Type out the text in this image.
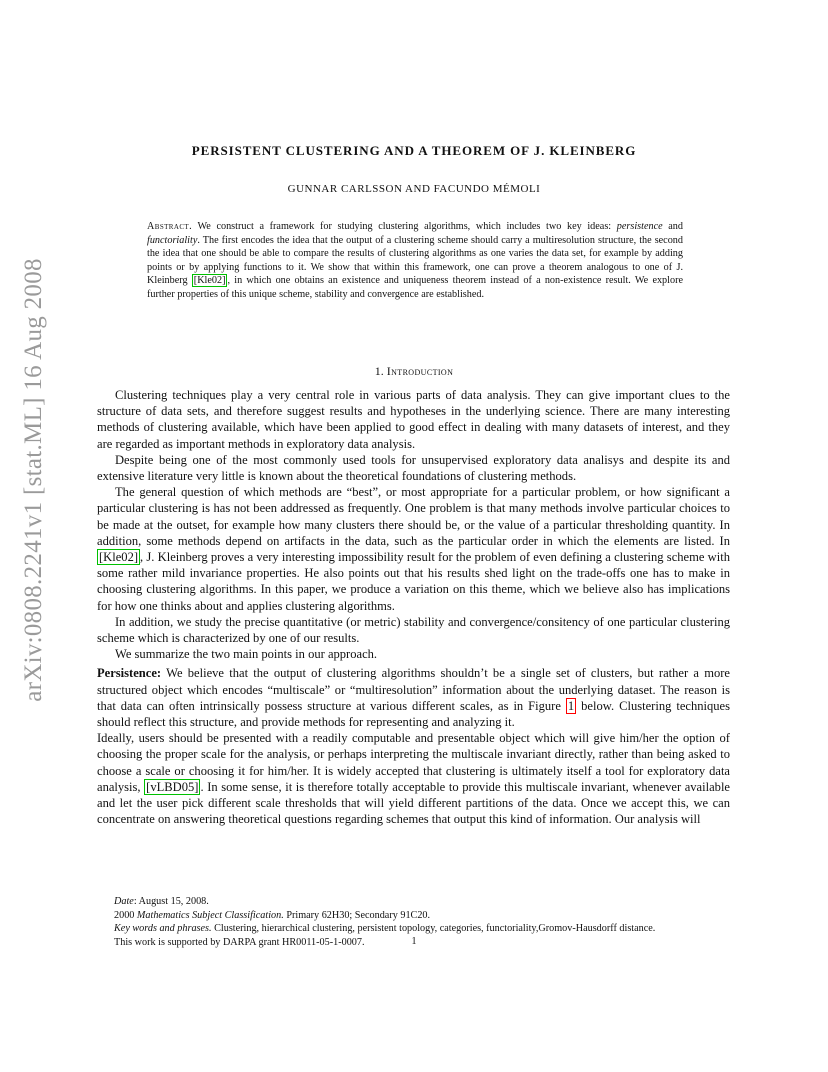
arXiv:0808.2241v1 [stat.ML] 16 Aug 2008
PERSISTENT CLUSTERING AND A THEOREM OF J. KLEINBERG
GUNNAR CARLSSON AND FACUNDO MÉMOLI
Abstract. We construct a framework for studying clustering algorithms, which includes two key ideas: persistence and functoriality. The first encodes the idea that the output of a clustering scheme should carry a multiresolution structure, the second the idea that one should be able to compare the results of clustering algorithms as one varies the data set, for example by adding points or by applying functions to it. We show that within this framework, one can prove a theorem analogous to one of J. Kleinberg [Kle02] , in which one obtains an existence and uniqueness theorem instead of a non-existence result. We explore further properties of this unique scheme, stability and convergence are established.
1. Introduction

Clustering techniques play a very central role in various parts of data analysis. They can give important clues to the structure of data sets, and therefore suggest results and hypotheses in the underlying science. There are many interesting methods of clustering available, which have been applied to good effect in dealing with many datasets of interest, and they are regarded as important methods in exploratory data analysis.

Despite being one of the most commonly used tools for unsupervised exploratory data analisys and despite its and extensive literature very little is known about the theoretical foundations of clustering methods.

The general question of which methods are “best”, or most appropriate for a particular problem, or how significant a particular clustering is has not been addressed as frequently. One problem is that many methods involve particular choices to be made at the outset, for example how many clusters there should be, or the value of a particular thresholding quantity. In addition, some methods depend on artifacts in the data, such as the particular order in which the elements are listed. In [Kle02] , J. Kleinberg proves a very interesting impossibility result for the problem of even defining a clustering scheme with some rather mild invariance properties. He also points out that his results shed light on the trade-offs one has to make in choosing clustering algorithms. In this paper, we produce a variation on this theme, which we believe also has implications for how one thinks about and applies clustering algorithms.

In addition, we study the precise quantitative (or metric) stability and convergence/consitency of one particular clustering scheme which is characterized by one of our results.

We summarize the two main points in our approach.

Persistence: We believe that the output of clustering algorithms shouldn’t be a single set of clusters, but rather a more structured object which encodes “multiscale” or “multiresolution” information about the underlying dataset. The reason is that data can often intrinsically possess structure at various different scales, as in Figure 1 below. Clustering techniques should reflect this structure, and provide methods for representing and analyzing it.

Ideally, users should be presented with a readily computable and presentable object which will give him/her the option of choosing the proper scale for the analysis, or perhaps interpreting the multiscale invariant directly, rather than being asked to choose a scale or choosing it for him/her. It is widely accepted that clustering is ultimately itself a tool for exploratory data analysis, [vLBD05] . In some sense, it is therefore totally acceptable to provide this multiscale invariant, whenever available and let the user pick different scale thresholds that will yield different partitions of the data. Once we accept this, we can concentrate on answering theoretical questions regarding schemes that output this kind of information. Our analysis will

Date: August 15, 2008.

2000 Mathematics Subject Classification. Primary 62H30; Secondary 91C20.

Key words and phrases. Clustering, hierarchical clustering, persistent topology, categories, functoriality,Gromov-Hausdorff distance.

This work is supported by DARPA grant HR0011-05-1-0007.	1
